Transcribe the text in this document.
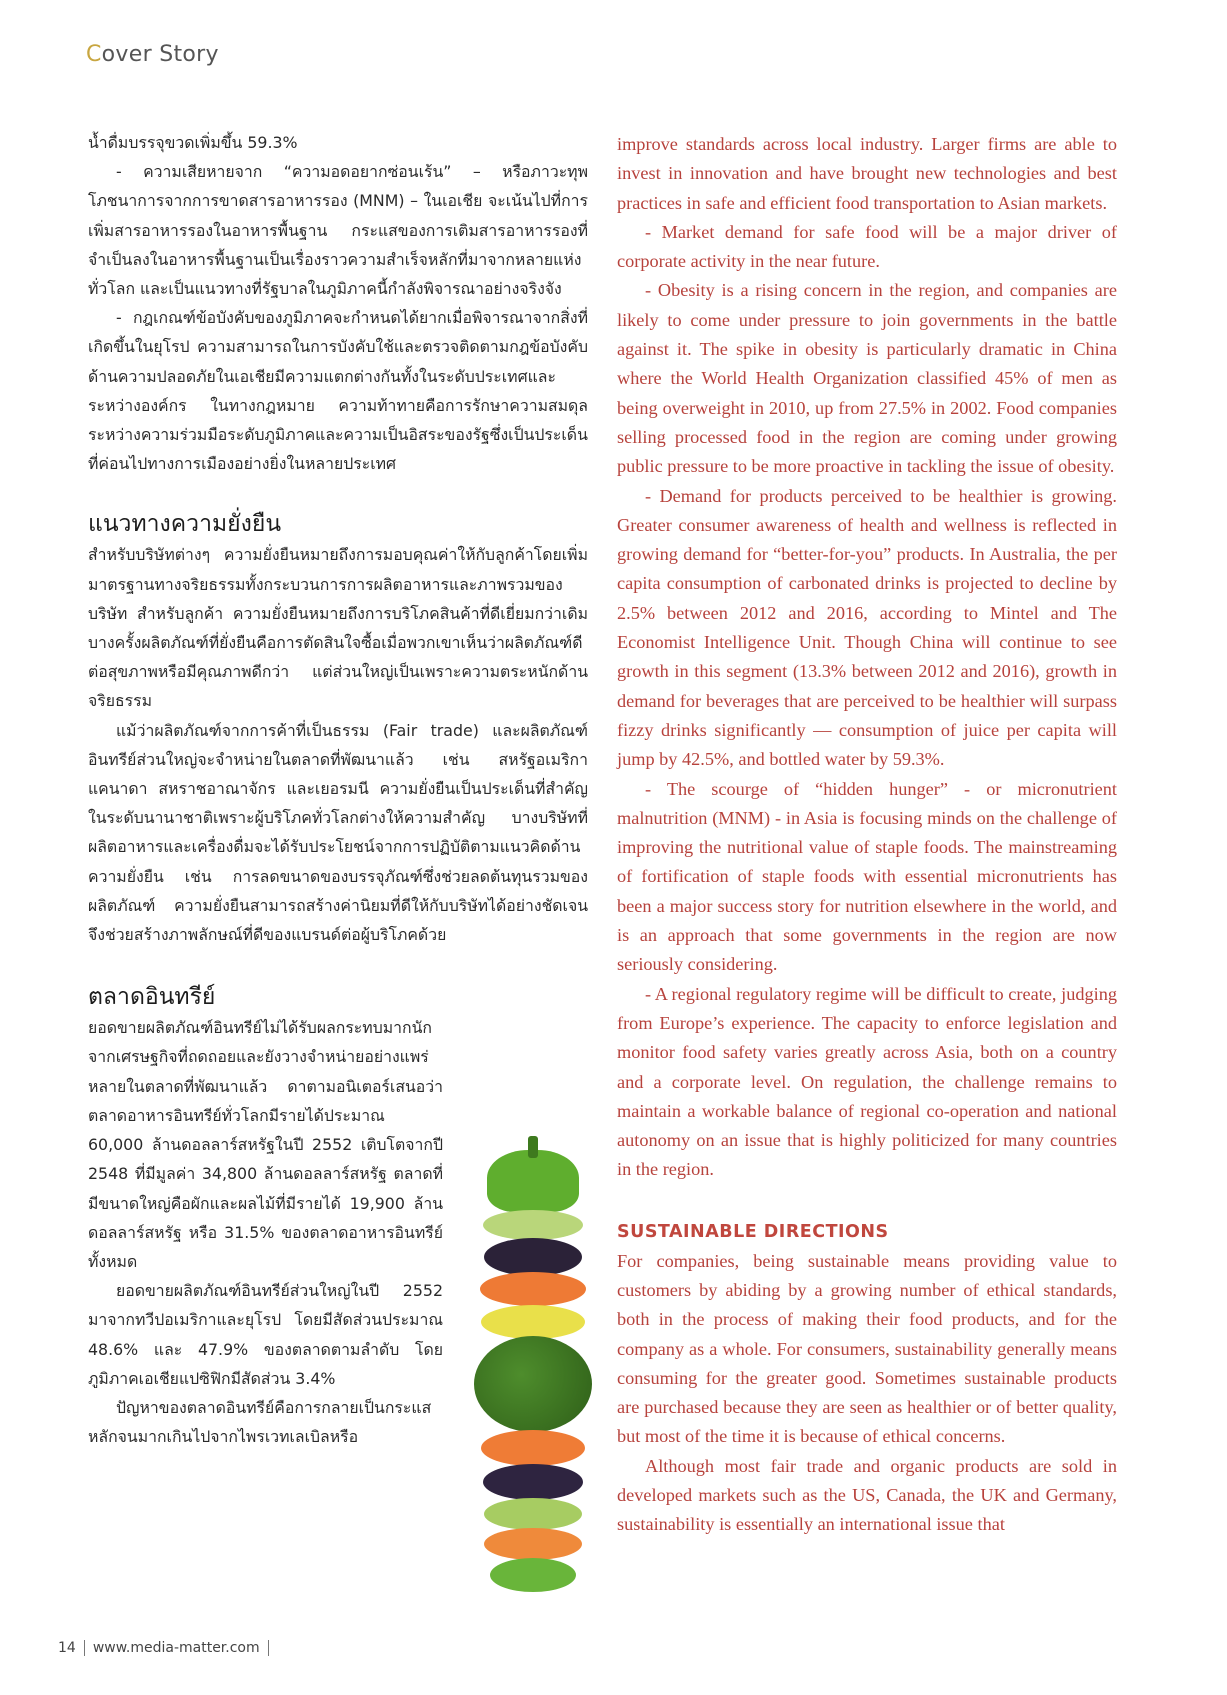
Cover Story

น้ำดื่มบรรจุขวดเพิ่มขึ้น 59.3%

- ความเสียหายจาก “ความอดอยากซ่อนเร้น” – หรือภาวะทุพโภชนาการจากการขาดสารอาหารรอง (MNM) – ในเอเชีย จะเน้นไปที่การเพิ่มสารอาหารรองในอาหารพื้นฐาน กระแสของการเติมสารอาหารรองที่จำเป็นลงในอาหารพื้นฐานเป็นเรื่องราวความสำเร็จหลักที่มาจากหลายแห่งทั่วโลก และเป็นแนวทางที่รัฐบาลในภูมิภาคนี้กำลังพิจารณาอย่างจริงจัง

- กฎเกณฑ์ข้อบังคับของภูมิภาคจะกำหนดได้ยากเมื่อพิจารณาจากสิ่งที่เกิดขึ้นในยุโรป ความสามารถในการบังคับใช้และตรวจติดตามกฎข้อบังคับด้านความปลอดภัยในเอเชียมีความแตกต่างกันทั้งในระดับประเทศและระหว่างองค์กร ในทางกฎหมาย ความท้าทายคือการรักษาความสมดุลระหว่างความร่วมมือระดับภูมิภาคและความเป็นอิสระของรัฐซึ่งเป็นประเด็นที่ค่อนไปทางการเมืองอย่างยิ่งในหลายประเทศ

แนวทางความยั่งยืน

สำหรับบริษัทต่างๆ ความยั่งยืนหมายถึงการมอบคุณค่าให้กับลูกค้าโดยเพิ่มมาตรฐานทางจริยธรรมทั้งกระบวนการการผลิตอาหารและภาพรวมของบริษัท สำหรับลูกค้า ความยั่งยืนหมายถึงการบริโภคสินค้าที่ดีเยี่ยมกว่าเดิม บางครั้งผลิตภัณฑ์ที่ยั่งยืนคือการตัดสินใจซื้อเมื่อพวกเขาเห็นว่าผลิตภัณฑ์ดีต่อสุขภาพหรือมีคุณภาพดีกว่า แต่ส่วนใหญ่เป็นเพราะความตระหนักด้านจริยธรรม

แม้ว่าผลิตภัณฑ์จากการค้าที่เป็นธรรม (Fair trade) และผลิตภัณฑ์อินทรีย์ส่วนใหญ่จะจำหน่ายในตลาดที่พัฒนาแล้ว เช่น สหรัฐอเมริกา แคนาดา สหราชอาณาจักร และเยอรมนี ความยั่งยืนเป็นประเด็นที่สำคัญในระดับนานาชาติเพราะผู้บริโภคทั่วโลกต่างให้ความสำคัญ บางบริษัทที่ผลิตอาหารและเครื่องดื่มจะได้รับประโยชน์จากการปฏิบัติตามแนวคิดด้านความยั่งยืน เช่น การลดขนาดของบรรจุภัณฑ์ซึ่งช่วยลดต้นทุนรวมของผลิตภัณฑ์ ความยั่งยืนสามารถสร้างค่านิยมที่ดีให้กับบริษัทได้อย่างชัดเจน จึงช่วยสร้างภาพลักษณ์ที่ดีของแบรนด์ต่อผู้บริโภคด้วย

ตลาดอินทรีย์

ยอดขายผลิตภัณฑ์อินทรีย์ไม่ได้รับผลกระทบมากนักจากเศรษฐกิจที่ถดถอยและยังวางจำหน่ายอย่างแพร่หลายในตลาดที่พัฒนาแล้ว ดาตามอนิเตอร์เสนอว่าตลาดอาหารอินทรีย์ทั่วโลกมีรายได้ประมาณ 60,000 ล้านดอลลาร์สหรัฐในปี 2552 เติบโตจากปี 2548 ที่มีมูลค่า 34,800 ล้านดอลลาร์สหรัฐ ตลาดที่มีขนาดใหญ่คือผักและผลไม้ที่มีรายได้ 19,900 ล้านดอลลาร์สหรัฐ หรือ 31.5% ของตลาดอาหารอินทรีย์ทั้งหมด

ยอดขายผลิตภัณฑ์อินทรีย์ส่วนใหญ่ในปี 2552 มาจากทวีปอเมริกาและยุโรป โดยมีสัดส่วนประมาณ 48.6% และ 47.9% ของตลาดตามลำดับ โดยภูมิภาคเอเชียแปซิฟิกมีสัดส่วน 3.4%

ปัญหาของตลาดอินทรีย์คือการกลายเป็นกระแสหลักจนมากเกินไปจากไพรเวทเลเบิลหรือ

improve standards across local industry. Larger firms are able to invest in innovation and have brought new technologies and best practices in safe and efficient food transportation to Asian markets.

- Market demand for safe food will be a major driver of corporate activity in the near future.

- Obesity is a rising concern in the region, and companies are likely to come under pressure to join governments in the battle against it. The spike in obesity is particularly dramatic in China where the World Health Organization classified 45% of men as being overweight in 2010, up from 27.5% in 2002. Food companies selling processed food in the region are coming under growing public pressure to be more proactive in tackling the issue of obesity.

- Demand for products perceived to be healthier is growing. Greater consumer awareness of health and wellness is reflected in growing demand for “better-for-you” products. In Australia, the per capita consumption of carbonated drinks is projected to decline by 2.5% between 2012 and 2016, according to Mintel and The Economist Intelligence Unit. Though China will continue to see growth in this segment (13.3% between 2012 and 2016), growth in demand for beverages that are perceived to be healthier will surpass fizzy drinks significantly — consumption of juice per capita will jump by 42.5%, and bottled water by 59.3%.

- The scourge of “hidden hunger” - or micronutrient malnutrition (MNM) - in Asia is focusing minds on the challenge of improving the nutritional value of staple foods. The mainstreaming of fortification of staple foods with essential micronutrients has been a major success story for nutrition elsewhere in the world, and is an approach that some governments in the region are now seriously considering.

- A regional regulatory regime will be difficult to create, judging from Europe’s experience. The capacity to enforce legislation and monitor food safety varies greatly across Asia, both on a country and a corporate level. On regulation, the challenge remains to maintain a workable balance of regional co-operation and national autonomy on an issue that is highly politicized for many countries in the region.

SUSTAINABLE DIRECTIONS

For companies, being sustainable means providing value to customers by abiding by a growing number of ethical standards, both in the process of making their food products, and for the company as a whole. For consumers, sustainability generally means consuming for the greater good. Sometimes sustainable products are purchased because they are seen as healthier or of better quality, but most of the time it is because of ethical concerns.

Although most fair trade and organic products are sold in developed markets such as the US, Canada, the UK and Germany, sustainability is essentially an international issue that

14 www.media-matter.com
